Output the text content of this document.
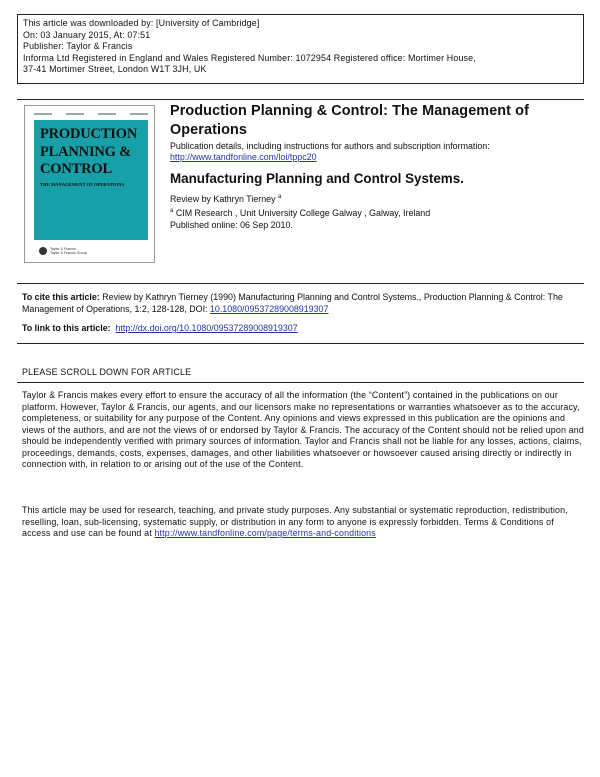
This article was downloaded by: [University of Cambridge]
On: 03 January 2015, At: 07:51
Publisher: Taylor & Francis
Informa Ltd Registered in England and Wales Registered Number: 1072954 Registered office: Mortimer House,
37-41 Mortimer Street, London W1T 3JH, UK
PRODUCTION
PLANNING &
CONTROL
THE MANAGEMENT OF OPERATIONS
Taylor & Francis
Taylor & Francis Group
Production Planning & Control: The Management of Operations
Publication details, including instructions for authors and subscription information:
http://www.tandfonline.com/loi/tppc20
Manufacturing Planning and Control Systems.
Review by Kathryn Tierney $^a$
$^a$ CIM Research , Unit University College Galway , Galway, Ireland
Published online: 06 Sep 2010.
To cite this article: Review by Kathryn Tierney (1990) Manufacturing Planning and Control Systems., Production Planning & Control: The Management of Operations, 1:2, 128-128, DOI: 10.1080/09537289008919307
To link to this article: http://dx.doi.org/10.1080/09537289008919307
PLEASE SCROLL DOWN FOR ARTICLE
Taylor & Francis makes every effort to ensure the accuracy of all the information (the “Content”) contained in the publications on our platform. However, Taylor & Francis, our agents, and our licensors make no representations or warranties whatsoever as to the accuracy, completeness, or suitability for any purpose of the Content. Any opinions and views expressed in this publication are the opinions and views of the authors, and are not the views of or endorsed by Taylor & Francis. The accuracy of the Content should not be relied upon and should be independently verified with primary sources of information. Taylor and Francis shall not be liable for any losses, actions, claims, proceedings, demands, costs, expenses, damages, and other liabilities whatsoever or howsoever caused arising directly or indirectly in connection with, in relation to or arising out of the use of the Content.
This article may be used for research, teaching, and private study purposes. Any substantial or systematic reproduction, redistribution, reselling, loan, sub-licensing, systematic supply, or distribution in any form to anyone is expressly forbidden. Terms & Conditions of access and use can be found at http://www.tandfonline.com/page/terms-and-conditions
